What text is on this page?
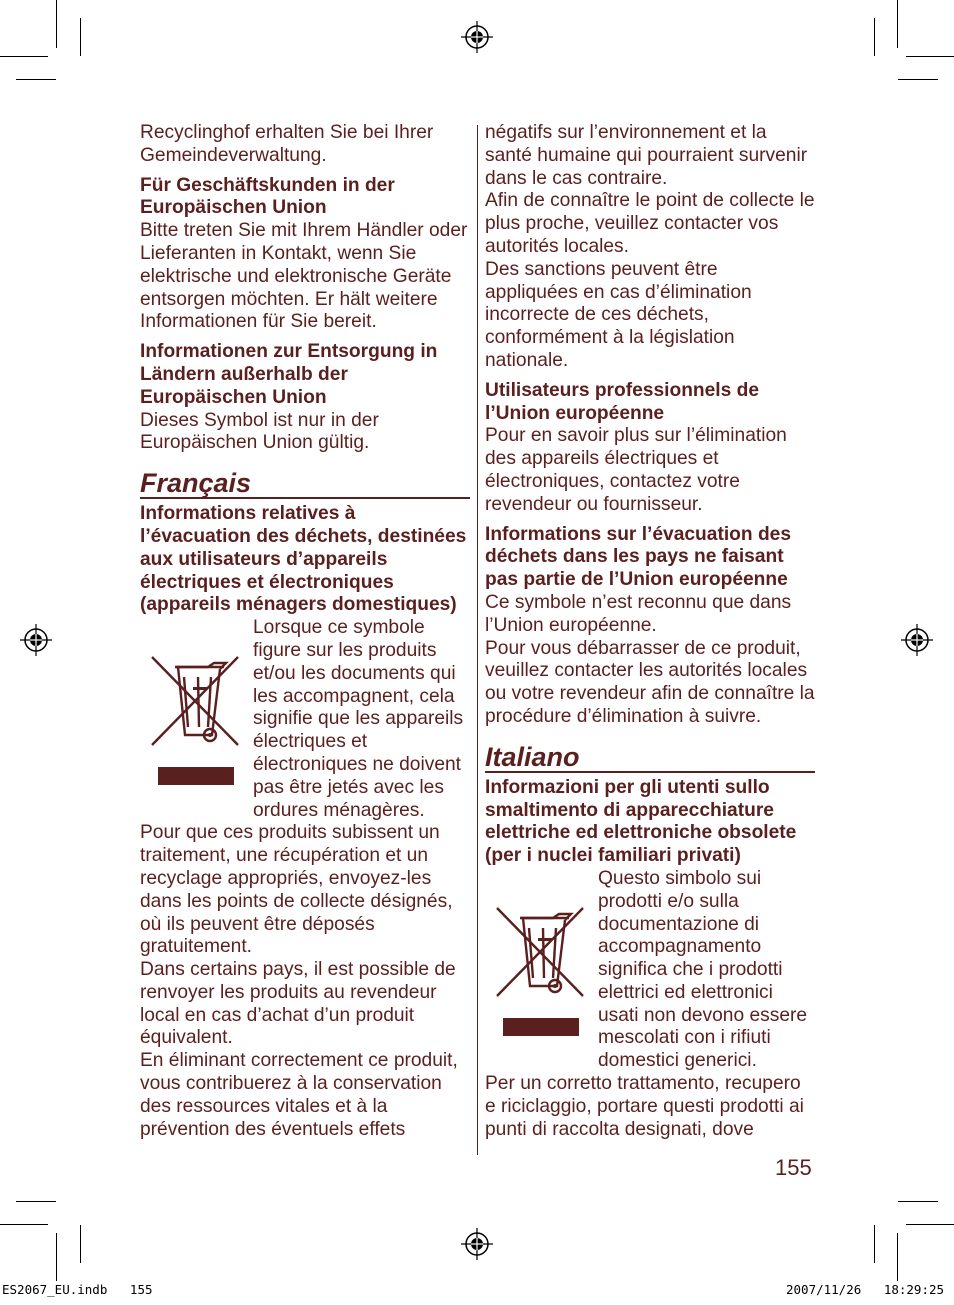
Recyclinghof erhalten Sie bei Ihrer Gemeindeverwaltung.

Für Geschäftskunden in der Europäischen Union

Bitte treten Sie mit Ihrem Händler oder Lieferanten in Kontakt, wenn Sie elektrische und elektronische Geräte entsorgen möchten. Er hält weitere Informationen für Sie bereit.

Informationen zur Entsorgung in Ländern außerhalb der Europäischen Union

Dieses Symbol ist nur in der Europäischen Union gültig.

Français

Informations relatives à l’évacuation des déchets, destinées aux utilisateurs d’appareils électriques et électroniques (appareils ménagers domestiques)

Lorsque ce symbole figure sur les produits et/ou les documents qui les accompagnent, cela signifie que les appareils électriques et électroniques ne doivent pas être jetés avec les ordures ménagères.

Pour que ces produits subissent un traitement, une récupération et un recyclage appropriés, envoyez-les dans les points de collecte désignés, où ils peuvent être déposés gratuitement.

Dans certains pays, il est possible de renvoyer les produits au revendeur local en cas d’achat d’un produit équivalent.

En éliminant correctement ce produit, vous contribuerez à la conservation des ressources vitales et à la prévention des éventuels effets

négatifs sur l’environnement et la santé humaine qui pourraient survenir dans le cas contraire.

Afin de connaître le point de collecte le plus proche, veuillez contacter vos autorités locales.

Des sanctions peuvent être appliquées en cas d’élimination incorrecte de ces déchets, conformément à la législation nationale.

Utilisateurs professionnels de l’Union européenne

Pour en savoir plus sur l’élimination des appareils électriques et électroniques, contactez votre revendeur ou fournisseur.

Informations sur l’évacuation des déchets dans les pays ne faisant pas partie de l’Union européenne

Ce symbole n’est reconnu que dans l’Union européenne.

Pour vous débarrasser de ce produit, veuillez contacter les autorités locales ou votre revendeur afin de connaître la procédure d’élimination à suivre.

Italiano

Informazioni per gli utenti sullo smaltimento di apparecchiature elettriche ed elettroniche obsolete (per i nuclei familiari privati)

Questo simbolo sui prodotti e/o sulla documentazione di accompagnamento significa che i prodotti elettrici ed elettronici usati non devono essere mescolati con i rifiuti domestici generici.

Per un corretto trattamento, recupero e riciclaggio, portare questi prodotti ai punti di raccolta designati, dove

155
ES2067_EU.indb   155	2007/11/26   18:29:25
